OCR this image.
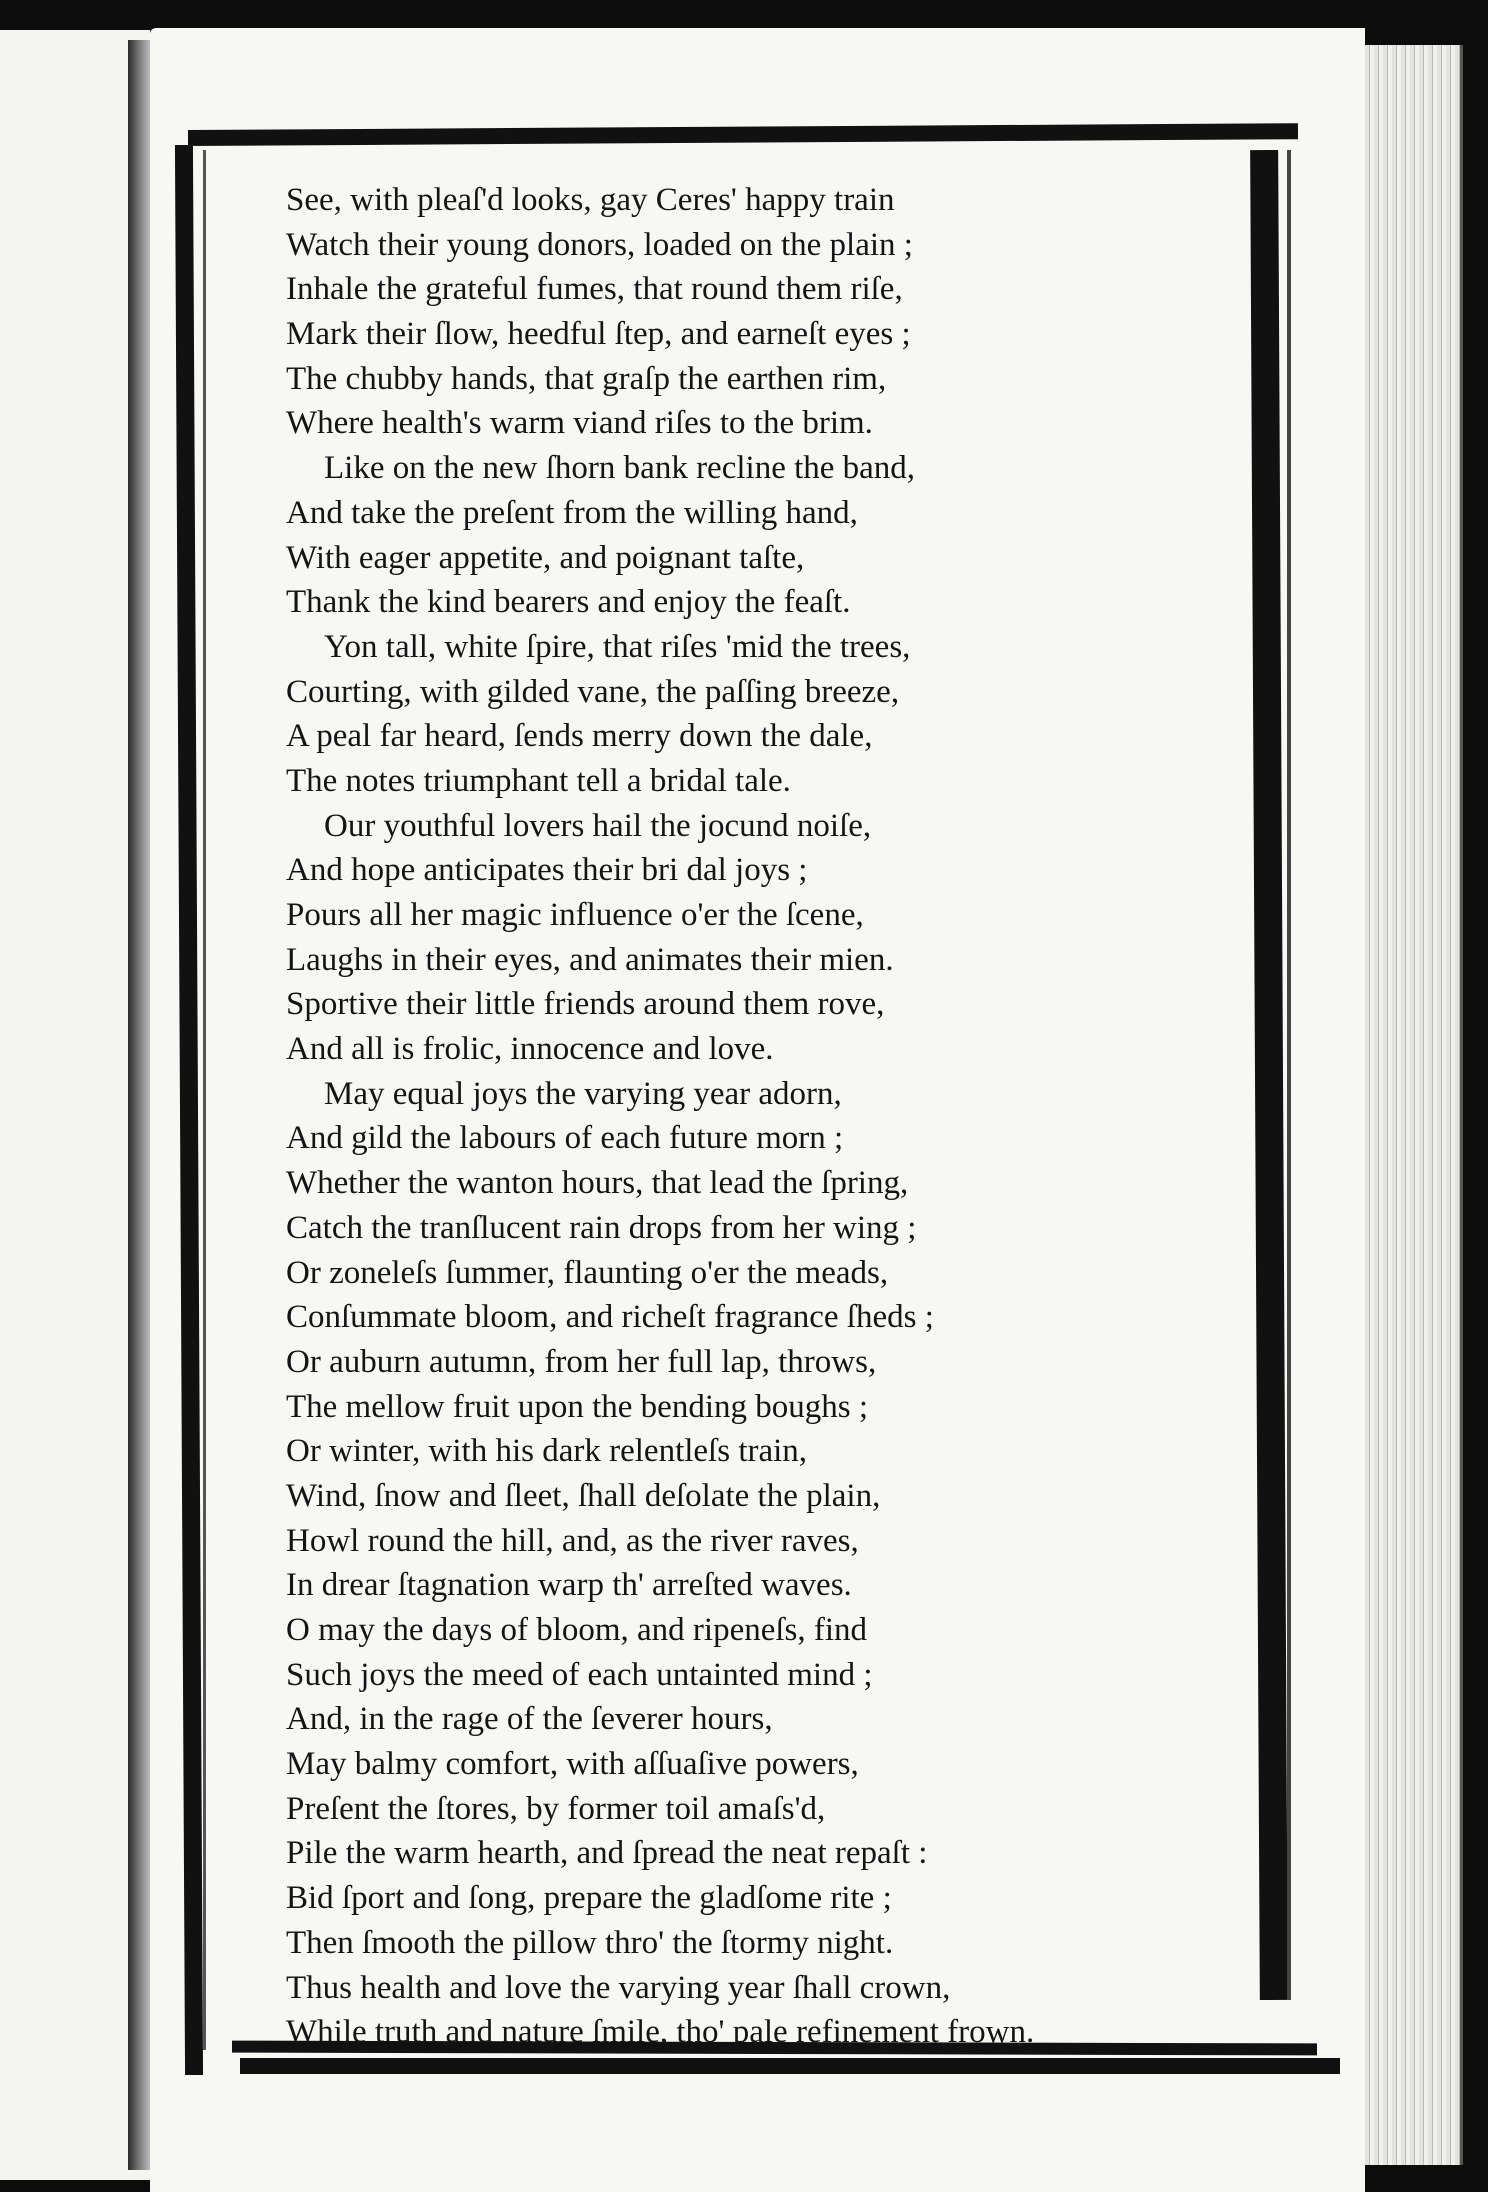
See, with pleaſ'd looks, gay Ceres' happy train
Watch their young donors, loaded on the plain ;
Inhale the grateful fumes, that round them riſe,
Mark their ſlow, heedful ſtep, and earneſt eyes ;
The chubby hands, that graſp the earthen rim,
Where health's warm viand riſes to the brim.
Like on the new ſhorn bank recline the band,
And take the preſent from the willing hand,
With eager appetite, and poignant taſte,
Thank the kind bearers and enjoy the feaſt.
Yon tall, white ſpire, that riſes 'mid the trees,
Courting, with gilded vane, the paſſing breeze,
A peal far heard, ſends merry down the dale,
The notes triumphant tell a bridal tale.
Our youthful lovers hail the jocund noiſe,
And hope anticipates their bri dal joys ;
Pours all her magic influence o'er the ſcene,
Laughs in their eyes, and animates their mien.
Sportive their little friends around them rove,
And all is frolic, innocence and love.
May equal joys the varying year adorn,
And gild the labours of each future morn ;
Whether the wanton hours, that lead the ſpring,
Catch the tranſlucent rain drops from her wing ;
Or zoneleſs ſummer, flaunting o'er the meads,
Conſummate bloom, and richeſt fragrance ſheds ;
Or auburn autumn, from her full lap, throws,
The mellow fruit upon the bending boughs ;
Or winter, with his dark relentleſs train,
Wind, ſnow and ſleet, ſhall deſolate the plain,
Howl round the hill, and, as the river raves,
In drear ſtagnation warp th' arreſted waves.
O may the days of bloom, and ripeneſs, find
Such joys the meed of each untainted mind ;
And, in the rage of the ſeverer hours,
May balmy comfort, with aſſuaſive powers,
Preſent the ſtores, by former toil amaſs'd,
Pile the warm hearth, and ſpread the neat repaſt :
Bid ſport and ſong, prepare the gladſome rite ;
Then ſmooth the pillow thro' the ſtormy night.
Thus health and love the varying year ſhall crown,
While truth and nature ſmile, tho' pale refinement frown.
